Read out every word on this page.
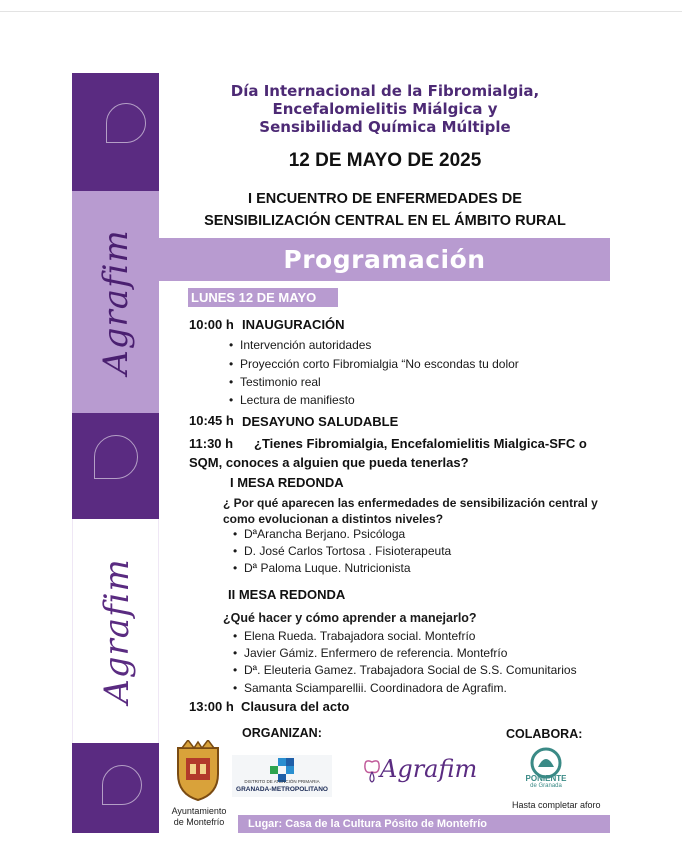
Agrafim
Agrafim
Día Internacional de la Fibromialgia,
Encefalomielitis Miálgica y
Sensibilidad Química Múltiple
12 DE MAYO DE 2025
I ENCUENTRO DE ENFERMEDADES DE
SENSIBILIZACIÓN CENTRAL EN EL ÁMBITO RURAL
Programación
LUNES 12 DE MAYO
10:00 h INAUGURACIÓN
• Intervención autoridades
• Proyección corto Fibromialgia “No escondas tu dolor
• Testimonio real
• Lectura de manifiesto
10:45 h DESAYUNO SALUDABLE
11:30 h ¿Tienes Fibromialgia, Encefalomielitis Mialgica-SFC o
SQM, conoces a alguien que pueda tenerlas?
I MESA REDONDA
¿ Por qué aparecen las enfermedades de sensibilización central y
como evolucionan a distintos niveles?
• DªArancha Berjano. Psicóloga
• D. José Carlos Tortosa . Fisioterapeuta
• Dª Paloma Luque. Nutricionista
II MESA REDONDA
¿Qué hacer y cómo aprender a manejarlo?
• Elena Rueda. Trabajadora social. Montefrío
• Javier Gámiz. Enfermero de referencia. Montefrío
• Dª. Eleuteria Gamez. Trabajadora Social de S.S. Comunitarios
• Samanta Sciamparellii. Coordinadora de Agrafim.
13:00 h Clausura del acto
ORGANIZAN:	COLABORA:
Ayuntamiento
de Montefrío
DISTRITO DE ATENCIÓN PRIMARIA
GRANADA-METROPOLITANO
Agrafim	PONIENTE
de Granada
Hasta completar aforo
Lugar: Casa de la Cultura Pósito de Montefrío
